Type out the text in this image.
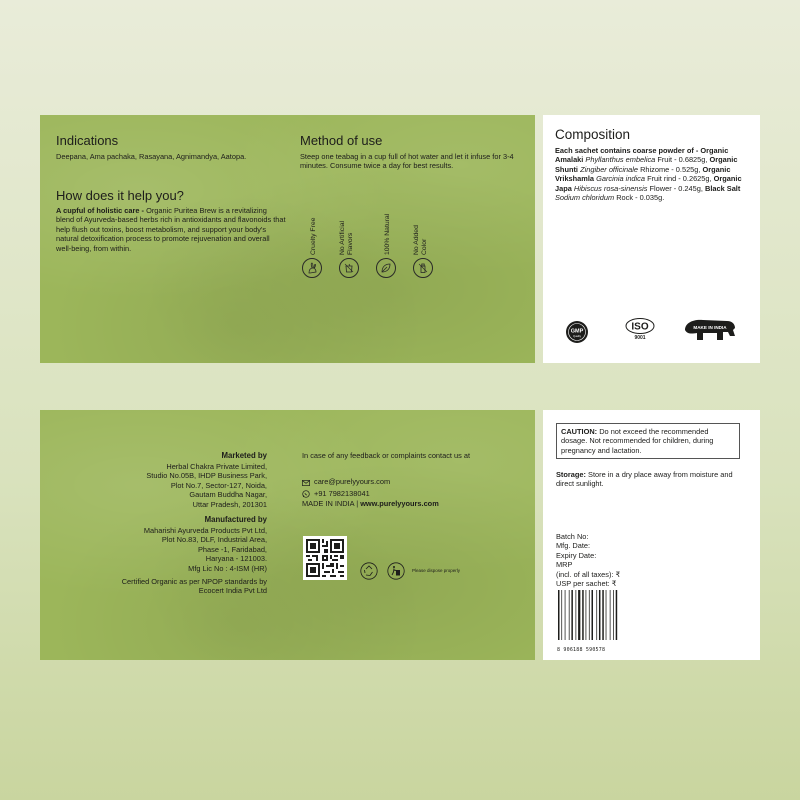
Indications
Deepana, Ama pachaka, Rasayana, Agnimandya, Aatopa.
How does it help you?
A cupful of holistic care - Organic Puritea Brew is a revitalizing blend of Ayurveda-based herbs rich in antioxidants and flavonoids that help flush out toxins, boost metabolism, and support your body's natural detoxification process to promote rejuvenation and overall well-being, from within.
Method of use
Steep one teabag in a cup full of hot water and let it infuse for 3-4 minutes. Consume twice a day for best results.
Cruelty Free	No Artificial Flavors	100% Natural	No Added Color
Composition
Each sachet contains coarse powder of - Organic Amalaki Phyllanthus embelica Fruit - 0.6825g, Organic Shunti Zingiber officinale Rhizome - 0.525g, Organic Vrikshamla Garcinia indica Fruit rind - 0.2625g, Organic Japa Hibiscus rosa-sinensis Flower - 0.245g, Black Salt Sodium chloridum Rock - 0.035g.
GMP
Quality
ISO
9001
MAKE IN INDIA
Marketed by
Herbal Chakra Private Limited,
Studio No.05B, IHDP Business Park,
Plot No.7, Sector-127, Noida,
Gautam Buddha Nagar,
Uttar Pradesh, 201301
Manufactured by
Maharishi Ayurveda Products Pvt Ltd,
Plot No.83, DLF, Industrial Area,
Phase -1, Faridabad,
Haryana - 121003.
Mfg Lic No : 4-ISM (HR)
Certified Organic as per NPOP standards by
Ecocert India Pvt Ltd
In case of any feedback or complaints contact us at
care@purelyyours.com
+91 7982138041
MADE IN INDIA | www.purelyyours.com
Please dispose properly
CAUTION: Do not exceed the recommended dosage. Not recommended for children, during pregnancy and lactation.
Storage: Store in a dry place away from moisture and direct sunlight.
Batch No:
Mfg. Date:
Expiry Date:
MRP
(incl. of all taxes): ₹
USP per sachet: ₹
8 906188 590578
